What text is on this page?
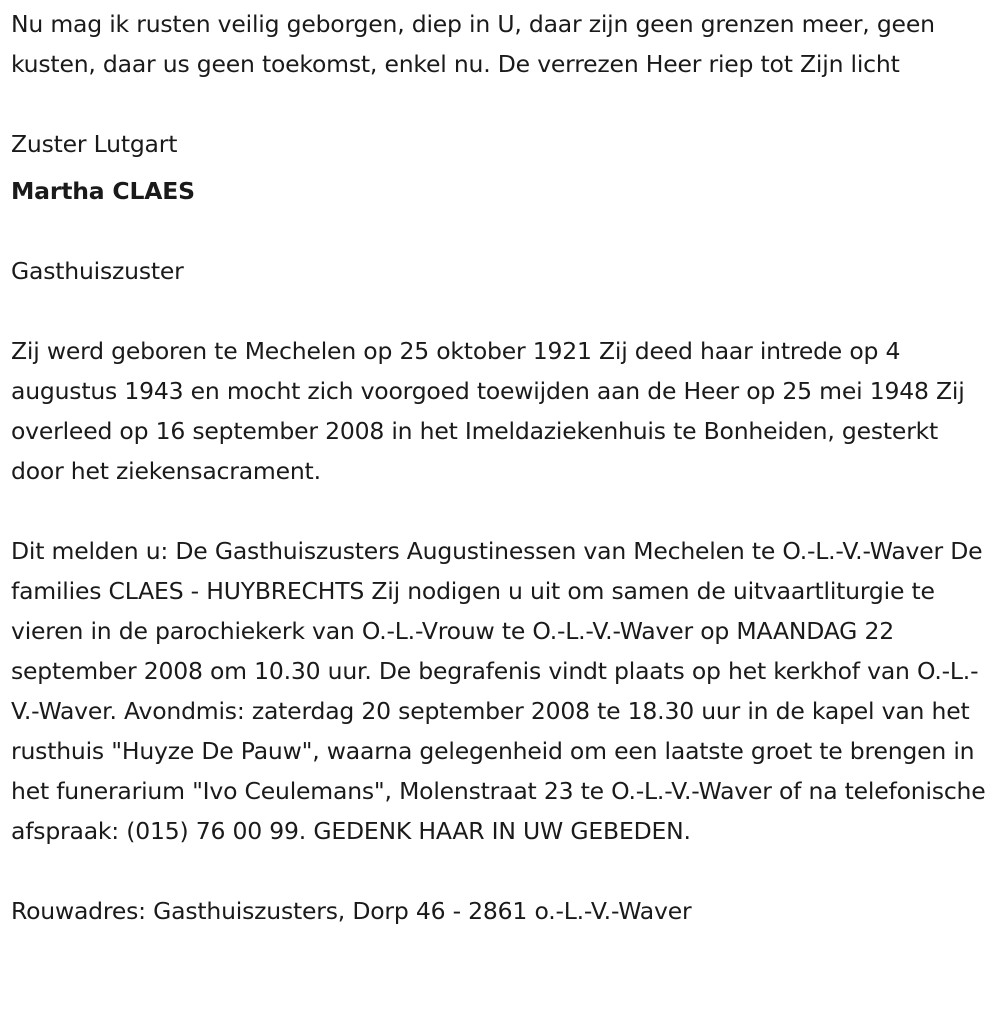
Nu mag ik rusten veilig geborgen, diep in U, daar zijn geen grenzen meer, geen kusten, daar us geen toekomst, enkel nu. De verrezen Heer riep tot Zijn licht

Zuster Lutgart

Martha CLAES

Gasthuiszuster

Zij werd geboren te Mechelen op 25 oktober 1921 Zij deed haar intrede op 4 augustus 1943 en mocht zich voorgoed toewijden aan de Heer op 25 mei 1948 Zij overleed op 16 september 2008 in het Imeldaziekenhuis te Bonheiden, gesterkt door het ziekensacrament.

Dit melden u: De Gasthuiszusters Augustinessen van Mechelen te O.-L.-V.-Waver De families CLAES - HUYBRECHTS Zij nodigen u uit om samen de uitvaartliturgie te vieren in de parochiekerk van O.-L.-Vrouw te O.-L.-V.-Waver op MAANDAG 22 september 2008 om 10.30 uur. De begrafenis vindt plaats op het kerkhof van O.-L.-V.-Waver. Avondmis: zaterdag 20 september 2008 te 18.30 uur in de kapel van het rusthuis "Huyze De Pauw", waarna gelegenheid om een laatste groet te brengen in het funerarium "Ivo Ceulemans", Molenstraat 23 te O.-L.-V.-Waver of na telefonische afspraak: (015) 76 00 99. GEDENK HAAR IN UW GEBEDEN.

Rouwadres: Gasthuiszusters, Dorp 46 - 2861 o.-L.-V.-Waver
